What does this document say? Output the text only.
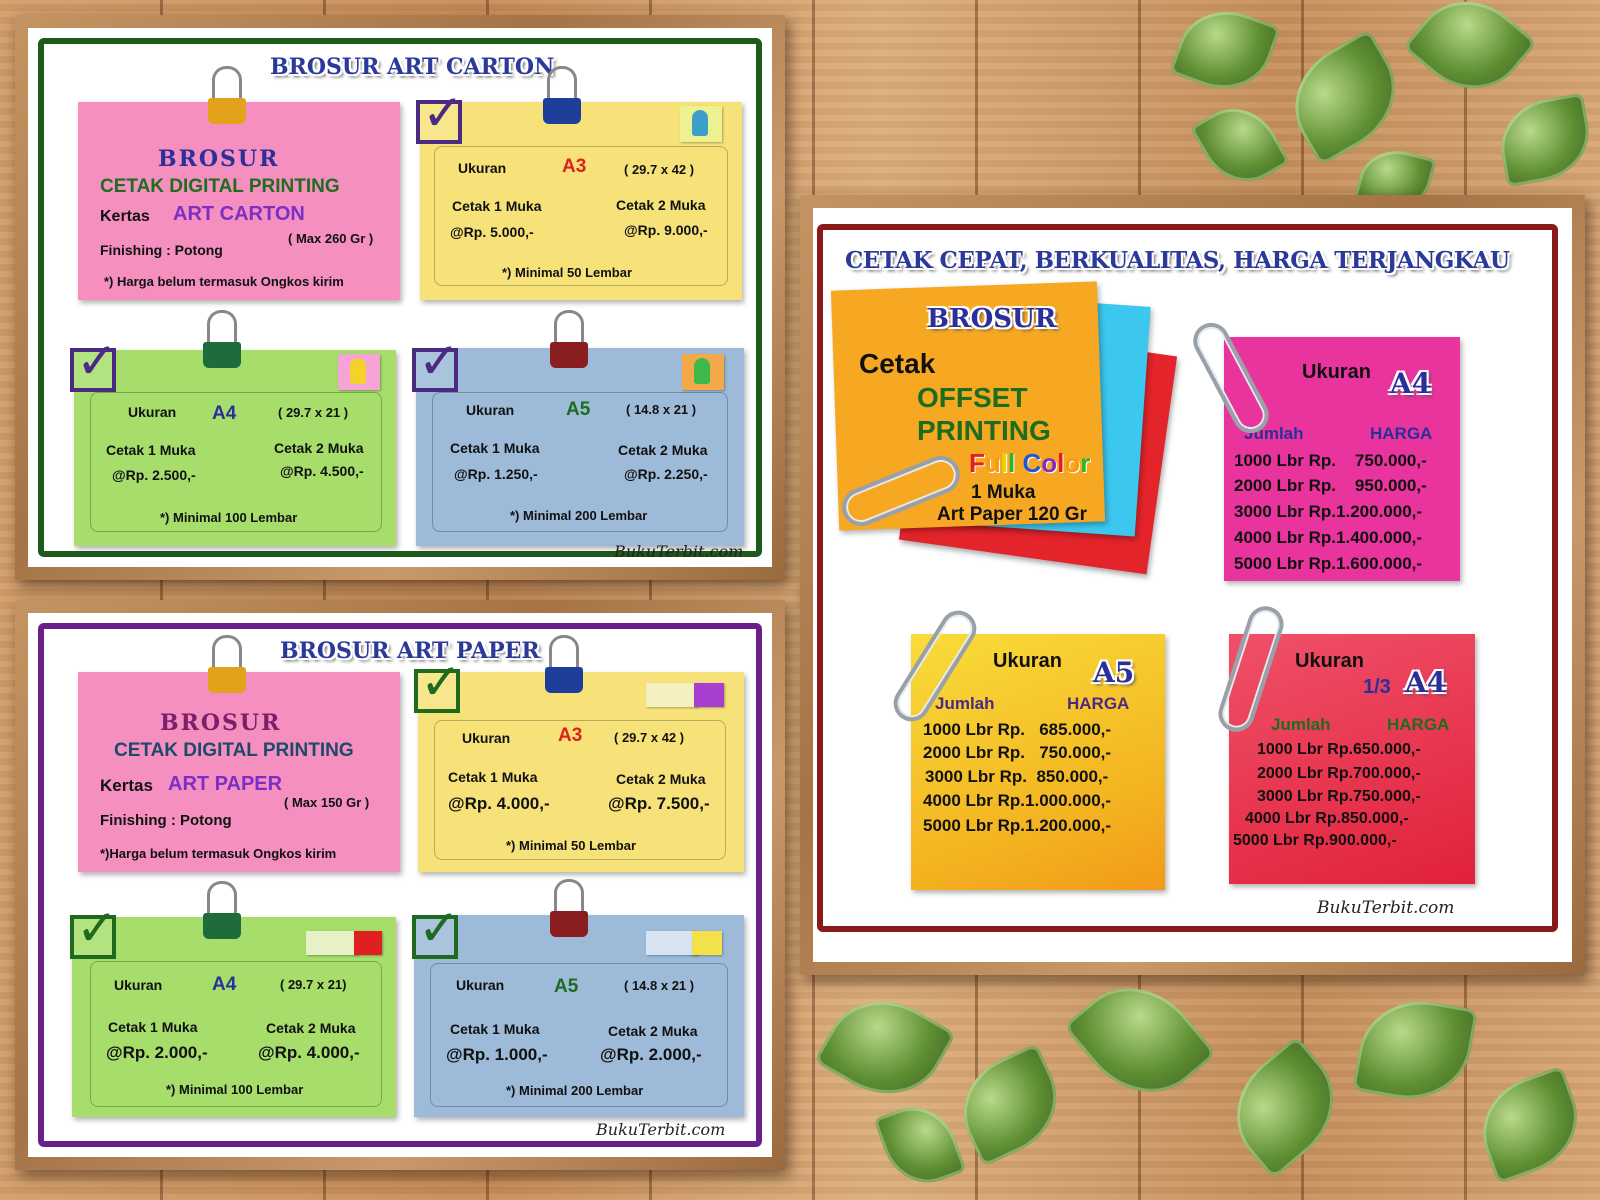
BROSUR ART CARTON
BROSUR
CETAK DIGITAL PRINTING
Kertas ART CARTON
( Max 260 Gr )
Finishing : Potong
*) Harga belum termasuk Ongkos kirim
Ukuran	A3	( 29.7 x 42 )
Cetak 1 Muka	Cetak 2 Muka
@Rp. 5.000,-	@Rp. 9.000,-
*) Minimal 50 Lembar
✓
Ukuran A4	( 29.7 x 21 )
Cetak 1 Muka	Cetak 2 Muka
@Rp. 2.500,-	@Rp. 4.500,-
*) Minimal 100 Lembar
✓
Ukuran	A5	( 14.8 x 21 )
Cetak 1 Muka	Cetak 2 Muka
@Rp. 1.250,-	@Rp. 2.250,-
*) Minimal 200 Lembar
✓
BukuTerbit.com
BROSUR ART PAPER
BROSUR
CETAK DIGITAL PRINTING
Kertas ART PAPER
( Max 150 Gr )
Finishing : Potong
*)Harga belum termasuk Ongkos kirim
Ukuran	A3 ( 29.7 x 42 )
Cetak 1 Muka	Cetak 2 Muka
@Rp. 4.000,-	@Rp. 7.500,-
*) Minimal 50 Lembar
✓
Ukuran	A4	( 29.7 x 21)
Cetak 1 Muka	Cetak 2 Muka
@Rp. 2.000,-	@Rp. 4.000,-
*) Minimal 100 Lembar
✓
Ukuran	A5	( 14.8 x 21 )
Cetak 1 Muka	Cetak 2 Muka
@Rp. 1.000,-	@Rp. 2.000,-
*) Minimal 200 Lembar
✓
BukuTerbit.com
CETAK CEPAT, BERKUALITAS, HARGA TERJANGKAU
BROSUR
Cetak
OFFSET
PRINTING
Full Color
1 Muka
Art Paper 120 Gr
Ukuran A4
Jumlah	HARGA
1000 Lbr Rp.    750.000,-
2000 Lbr Rp.    950.000,-
3000 Lbr Rp.1.200.000,-
4000 Lbr Rp.1.400.000,-
5000 Lbr Rp.1.600.000,-
Ukuran A5
Jumlah	HARGA
1000 Lbr Rp.   685.000,-
2000 Lbr Rp.   750.000,-
3000 Lbr Rp.  850.000,-
4000 Lbr Rp.1.000.000,-
5000 Lbr Rp.1.200.000,-
Ukuran
1/3 A4
Jumlah	HARGA
1000 Lbr Rp.650.000,-
2000 Lbr Rp.700.000,-
3000 Lbr Rp.750.000,-
4000 Lbr Rp.850.000,-
5000 Lbr Rp.900.000,-
BukuTerbit.com
